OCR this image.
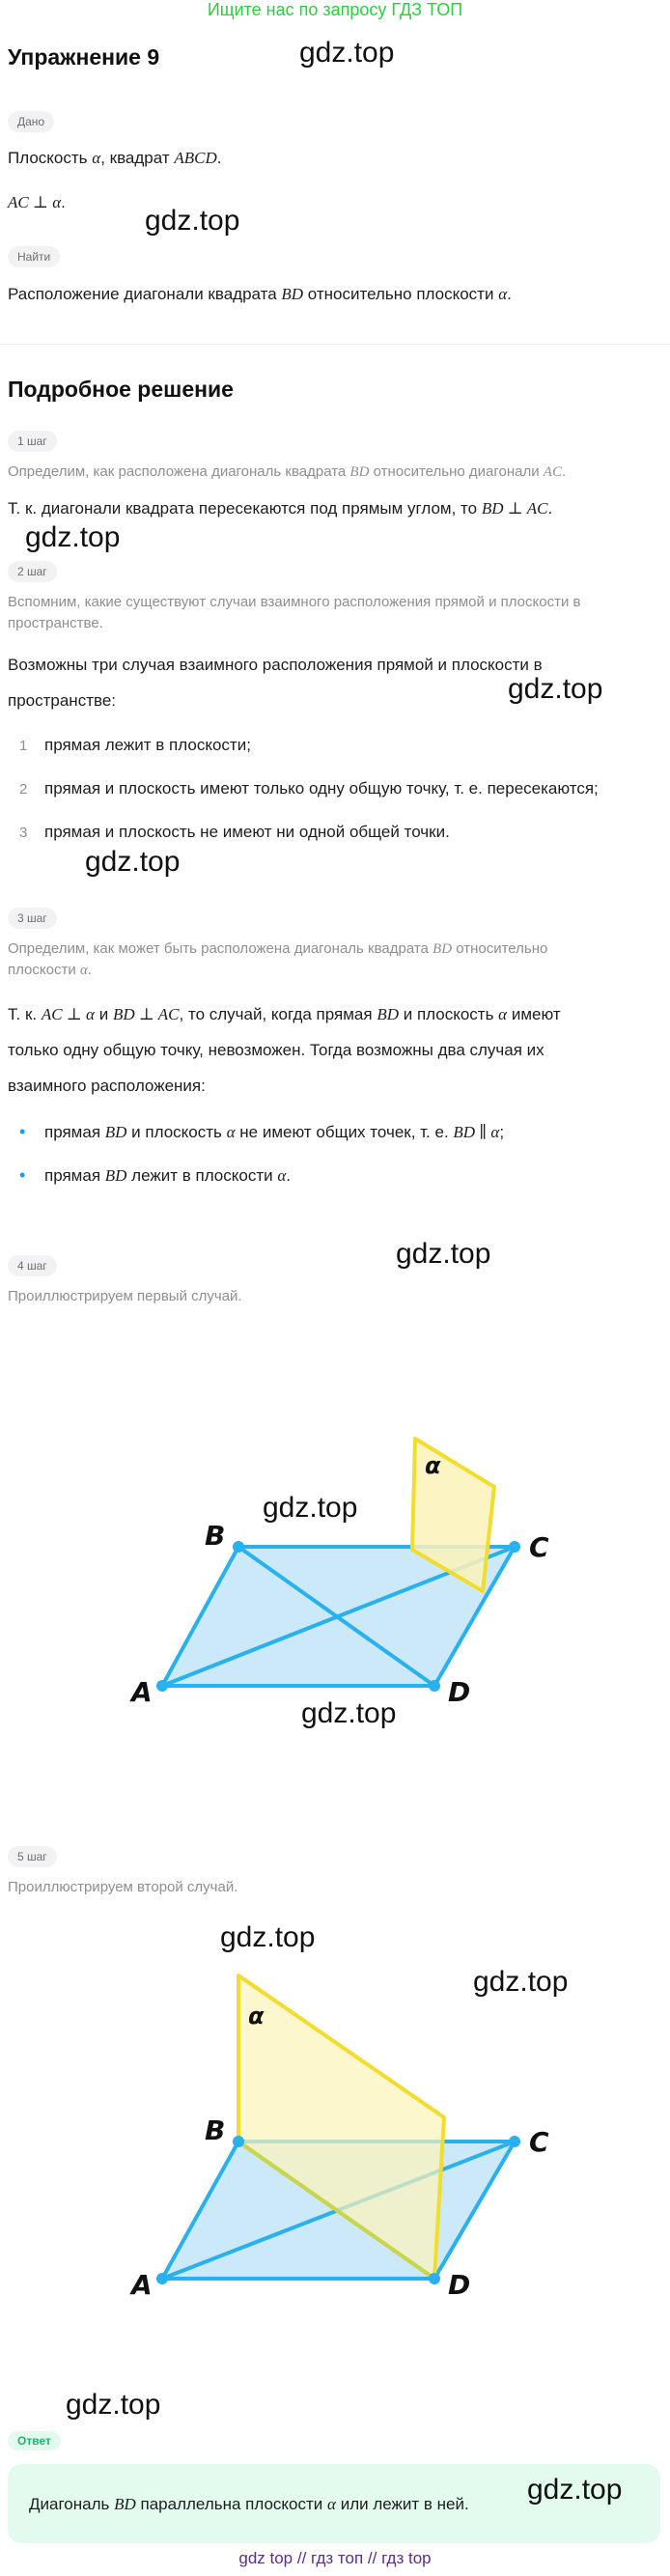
Ищите нас по запросу ГДЗ ТОП
Упражнение 9	gdz.top
Дано
Плоскость α, квадрат ABCD.
AC ⊥ α.
gdz.top
Найти
Расположение диагонали квадрата BD относительно плоскости α.
Подробное решение
1 шаг
Определим, как расположена диагональ квадрата BD относительно диагонали AC.
Т. к. диагонали квадрата пересекаются под прямым углом, то BD ⊥ AC.
gdz.top
2 шаг
Вспомним, какие существуют случаи взаимного расположения прямой и плоскости в
пространстве.
Возможны три случая взаимного расположения прямой и плоскости в
пространстве:	gdz.top
1 прямая лежит в плоскости;
2 прямая и плоскость имеют только одну общую точку, т. е. пересекаются;
3 прямая и плоскость не имеют ни одной общей точки.
gdz.top
3 шаг
Определим, как может быть расположена диагональ квадрата BD относительно
плоскости α.
Т. к. AC ⊥ α и BD ⊥ AC, то случай, когда прямая BD и плоскость α имеют
только одну общую точку, невозможен. Тогда возможны два случая их
взаимного расположения:
• прямая BD и плоскость α не имеют общих точек, т. е. BD ∥ α;
• прямая BD лежит в плоскости α.
gdz.top
4 шаг
Проиллюстрируем первый случай.
A
B	C
D
α
gdz.top
gdz.top
5 шаг
Проиллюстрируем второй случай.
gdz.top
gdz.top
A
B	C
D
α
gdz.top
Ответ
Диагональ BD параллельна плоскости α или лежит в ней. gdz.top
gdz top // гдз топ // гдз top
